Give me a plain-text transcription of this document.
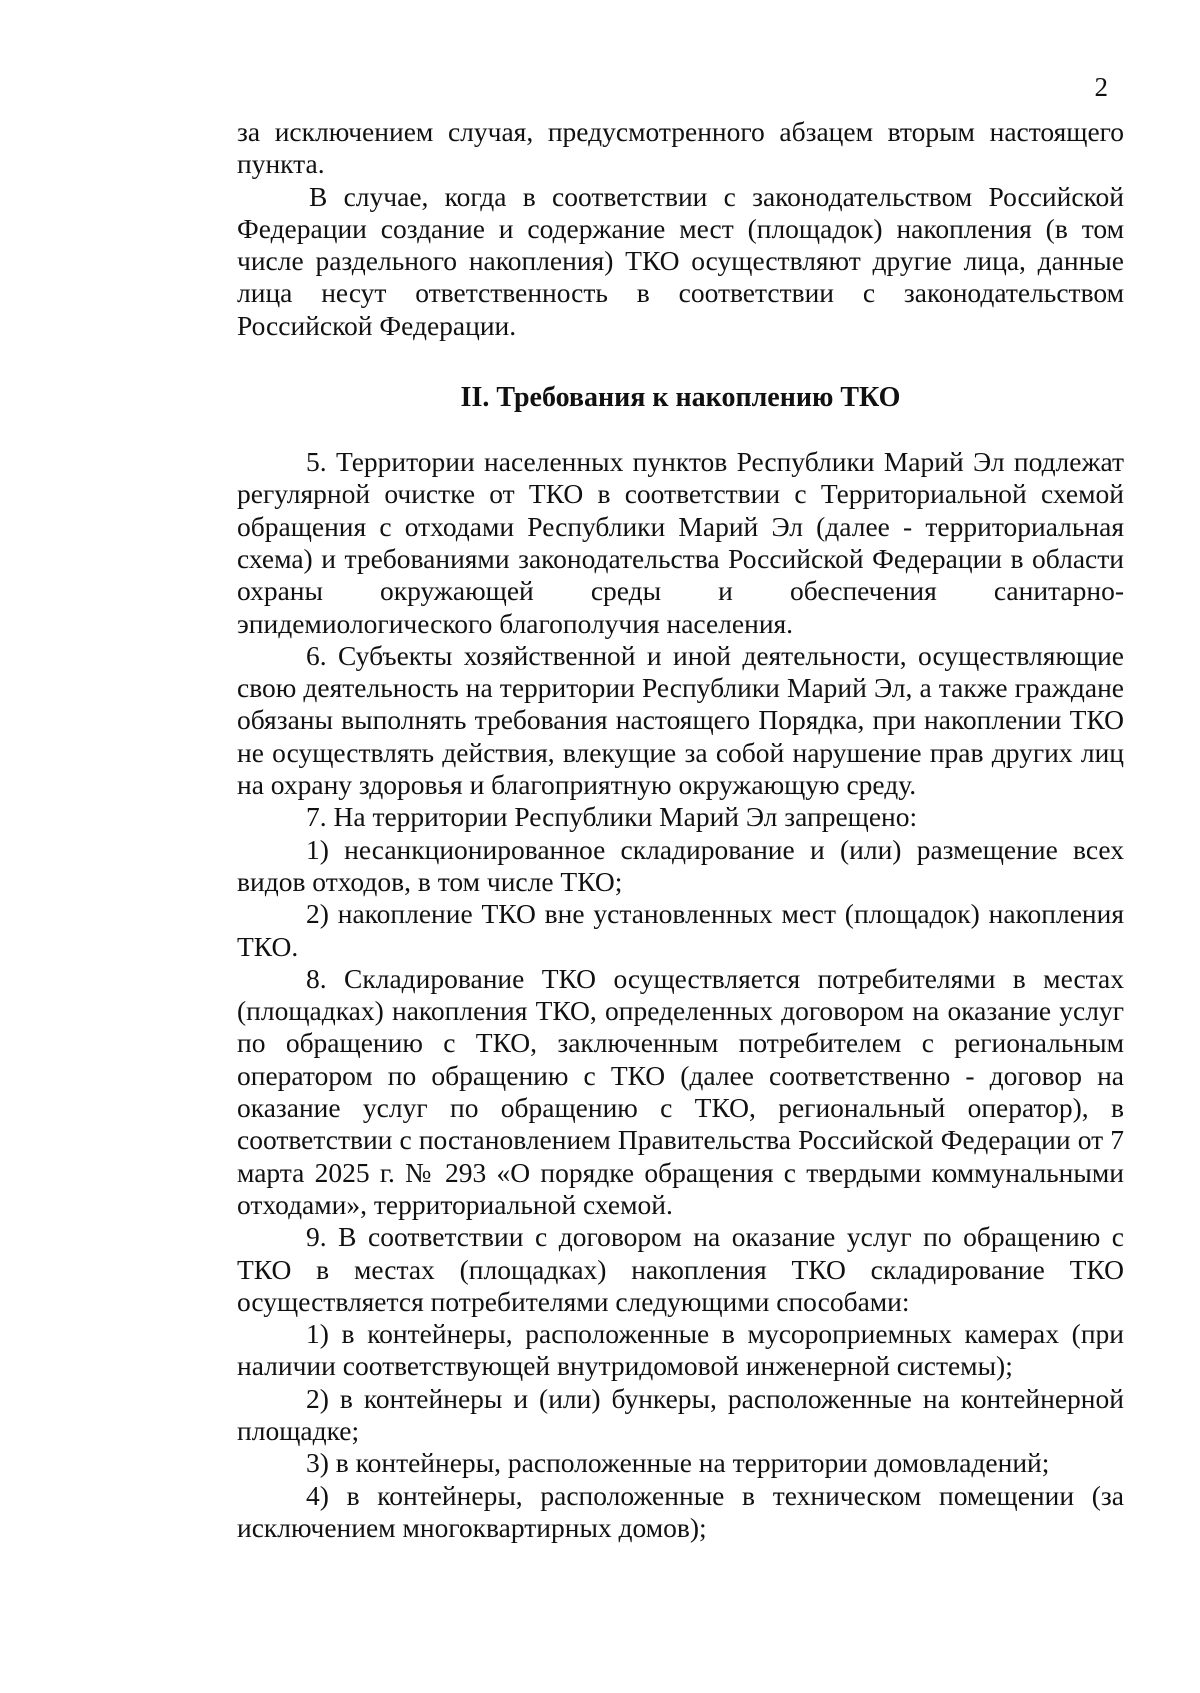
2

за исключением случая, предусмотренного абзацем вторым настоящего пункта.

В случае, когда в соответствии с законодательством Российской Федерации создание и содержание мест (площадок) накопления (в том числе раздельного накопления) ТКО осуществляют другие лица, данные лица несут ответственность в соответствии с законодательством Российской Федерации.

II. Требования к накоплению ТКО

5. Территории населенных пунктов Республики Марий Эл подлежат регулярной очистке от ТКО в соответствии с Территориальной схемой обращения с отходами Республики Марий Эл (далее - территориальная схема) и требованиями законодательства Российской Федерации в области охраны окружающей среды и обеспечения санитарно-эпидемиологического благополучия населения.

6. Субъекты хозяйственной и иной деятельности, осуществляющие свою деятельность на территории Республики Марий Эл, а также граждане обязаны выполнять требования настоящего Порядка, при накоплении ТКО не осуществлять действия, влекущие за собой нарушение прав других лиц на охрану здоровья и благоприятную окружающую среду.

7. На территории Республики Марий Эл запрещено:

1) несанкционированное складирование и (или) размещение всех видов отходов, в том числе ТКО;

2) накопление ТКО вне установленных мест (площадок) накопления ТКО.

8. Складирование ТКО осуществляется потребителями в местах (площадках) накопления ТКО, определенных договором на оказание услуг по обращению с ТКО, заключенным потребителем с региональным оператором по обращению с ТКО (далее соответственно - договор на оказание услуг по обращению с ТКО, региональный оператор), в соответствии с постановлением Правительства Российской Федерации от 7 марта 2025 г. № 293 «О порядке обращения с твердыми коммунальными отходами», территориальной схемой.

9. В соответствии с договором на оказание услуг по обращению с ТКО в местах (площадках) накопления ТКО складирование ТКО осуществляется потребителями следующими способами:

1) в контейнеры, расположенные в мусороприемных камерах (при наличии соответствующей внутридомовой инженерной системы);

2) в контейнеры и (или) бункеры, расположенные на контейнерной площадке;

3) в контейнеры, расположенные на территории домовладений;

4) в контейнеры, расположенные в техническом помещении (за исключением многоквартирных домов);
